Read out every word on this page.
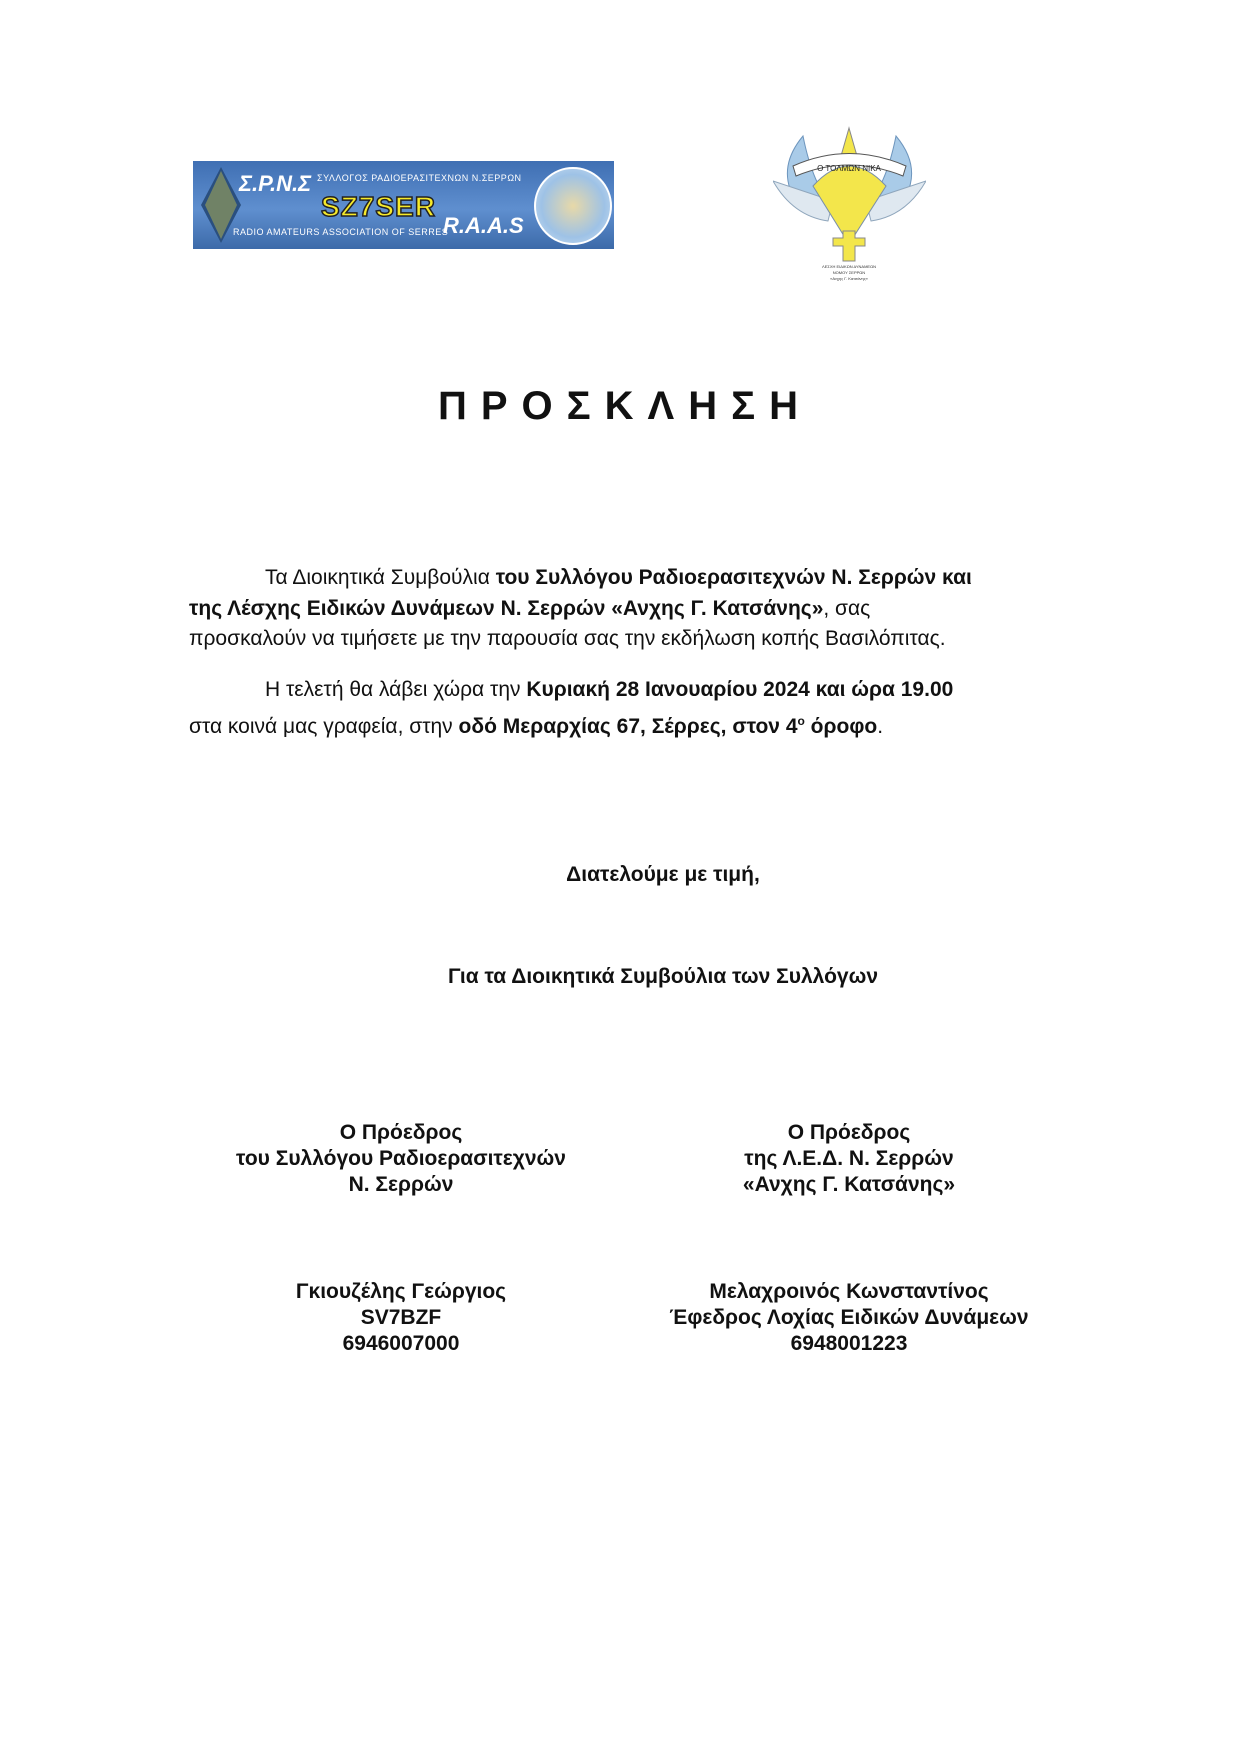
Σ.Ρ.Ν.Σ ΣΥΛΛΟΓΟΣ ΡΑΔΙΟΕΡΑΣΙΤΕΧΝΩΝ Ν.ΣΕΡΡΩΝ
SZ7SER
RADIO AMATEURS ASSOCIATION OF SERRES
R.A.A.S
Ο ΤΟΛΜΩΝ ΝΙΚΑ
ΛΕΣΧΗ ΕΙΔΙΚΩΝ ΔΥΝΑΜΕΩΝ
ΝΟΜΟΥ ΣΕΡΡΩΝ
«Ανχης Γ. Κατσάνης»
ΠΡΟΣΚΛΗΣΗ
Τα Διοικητικά Συμβούλια του Συλλόγου Ραδιοερασιτεχνών Ν. Σερρών και
της Λέσχης Ειδικών Δυνάμεων Ν. Σερρών «Ανχης Γ. Κατσάνης», σας
προσκαλούν να τιμήσετε με την παρουσία σας την εκδήλωση κοπής Βασιλόπιτας.
Η τελετή θα λάβει χώρα την Κυριακή 28 Ιανουαρίου 2024 και ώρα 19.00
στα κοινά μας γραφεία, στην οδό Μεραρχίας 67, Σέρρες, στον $4^o$ όροφο.
Διατελούμε με τιμή,
Για τα Διοικητικά Συμβούλια των Συλλόγων
Ο Πρόεδρος
του Συλλόγου Ραδιοερασιτεχνών
Ν. Σερρών
Ο Πρόεδρος
της Λ.Ε.Δ. Ν. Σερρών
«Ανχης Γ. Κατσάνης»
Γκιουζέλης Γεώργιος
SV7BZF
6946007000
Μελαχροινός Κωνσταντίνος
Έφεδρος Λοχίας Ειδικών Δυνάμεων
6948001223
